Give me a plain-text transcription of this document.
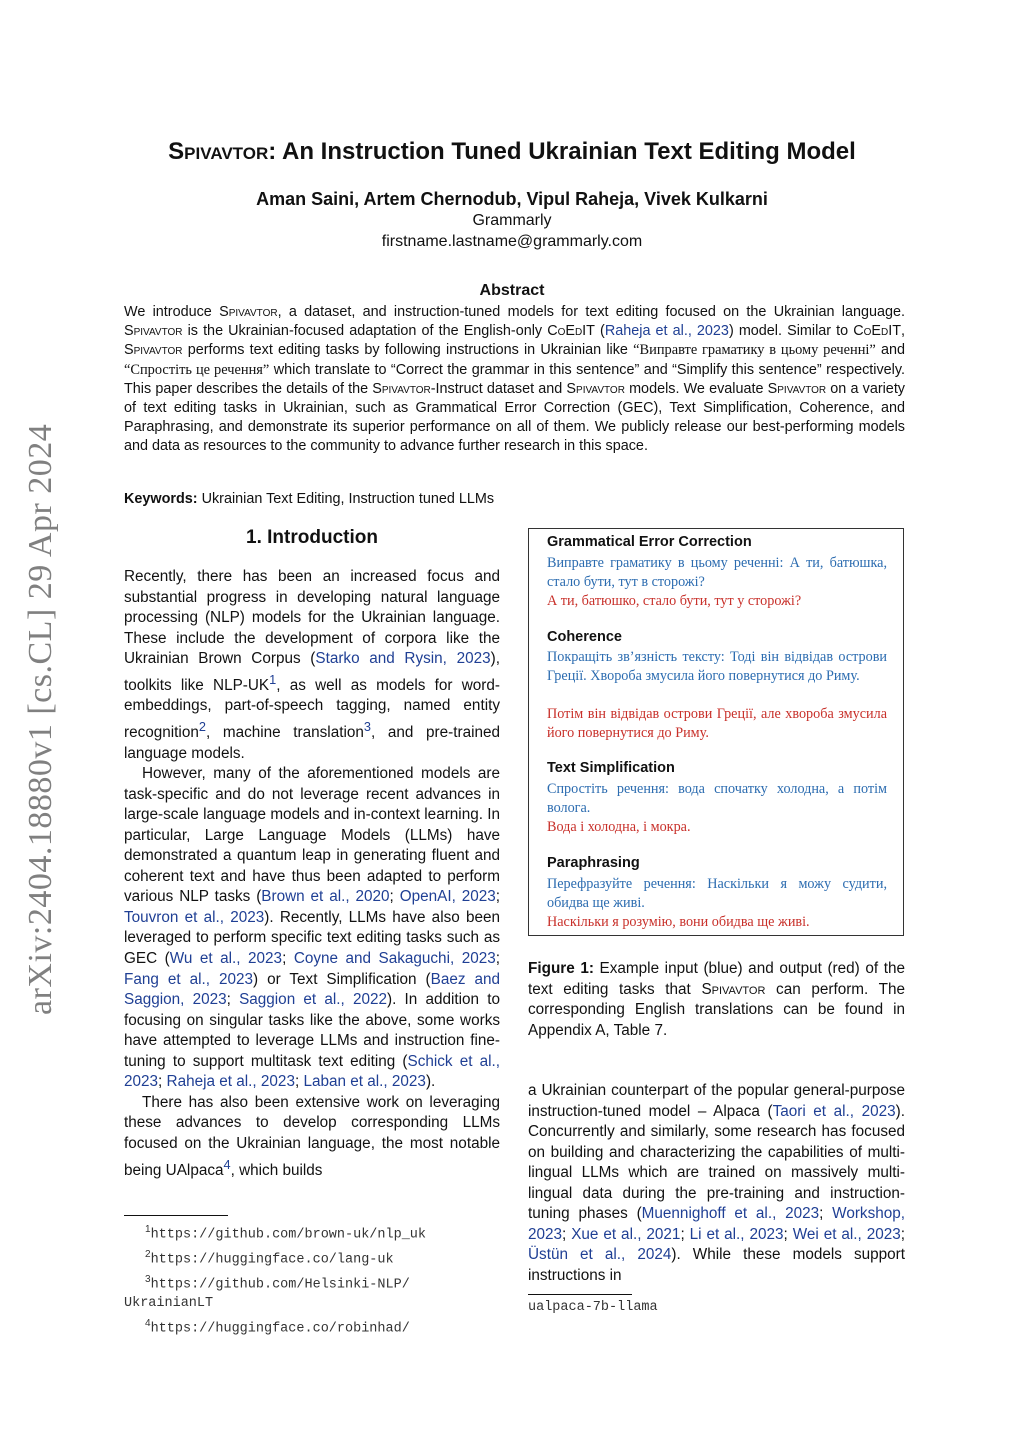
arXiv:2404.18880v1 [cs.CL] 29 Apr 2024
Spivavtor: An Instruction Tuned Ukrainian Text Editing Model
Aman Saini, Artem Chernodub, Vipul Raheja, Vivek Kulkarni
Grammarly
firstname.lastname@grammarly.com
Abstract

We introduce Spivavtor, a dataset, and instruction-tuned models for text editing focused on the Ukrainian language. Spivavtor is the Ukrainian-focused adaptation of the English-only CoEdIT (Raheja et al., 2023) model. Similar to CoEdIT, Spivavtor performs text editing tasks by following instructions in Ukrainian like “Виправте граматику в цьому реченні” and “Спростіть це речення” which translate to “Correct the grammar in this sentence” and “Simplify this sentence” respectively. This paper describes the details of the Spivavtor-Instruct dataset and Spivavtor models. We evaluate Spivavtor on a variety of text editing tasks in Ukrainian, such as Grammatical Error Correction (GEC), Text Simplification, Coherence, and Paraphrasing, and demonstrate its superior performance on all of them. We publicly release our best-performing models and data as resources to the community to advance further research in this space.

Keywords: Ukrainian Text Editing, Instruction tuned LLMs
1. Introduction

Recently, there has been an increased focus and substantial progress in developing natural language processing (NLP) models for the Ukrainian language. These include the development of corpora like the Ukrainian Brown Corpus (Starko and Rysin, 2023), toolkits like NLP-UK$^1$, as well as models for word-embeddings, part-of-speech tagging, named entity recognition$^2$, machine translation$^3$, and pre-trained language models.

However, many of the aforementioned models are task-specific and do not leverage recent advances in large-scale language models and in-context learning. In particular, Large Language Models (LLMs) have demonstrated a quantum leap in generating fluent and coherent text and have thus been adapted to perform various NLP tasks (Brown et al., 2020; OpenAI, 2023; Touvron et al., 2023). Recently, LLMs have also been leveraged to perform specific text editing tasks such as GEC (Wu et al., 2023; Coyne and Sakaguchi, 2023; Fang et al., 2023) or Text Simplification (Baez and Saggion, 2023; Saggion et al., 2022). In addition to focusing on singular tasks like the above, some works have attempted to leverage LLMs and instruction fine-tuning to support multitask text editing (Schick et al., 2023; Raheja et al., 2023; Laban et al., 2023).

There has also been extensive work on leveraging these advances to develop corresponding LLMs focused on the Ukrainian language, the most notable being UAlpaca$^4$, which builds

$^1$https://github.com/brown-uk/nlp_uk
$^2$https://huggingface.co/lang-uk
$^3$https://github.com/Helsinki-NLP/
UkrainianLT
$^4$https://huggingface.co/robinhad/
Grammatical Error Correction

Виправте граматику в цьому реченні: А ти, батюшка, стало бути, тут в сторожі?

А ти, батюшко, стало бути, тут у сторожі?

Coherence

Покращіть зв’язність тексту: Тоді він відвідав острови Греції. Хвороба змусила його повернутися до Риму.

Потім він відвідав острови Греції, але хвороба змусила його повернутися до Риму.

Text Simplification

Спростіть речення: вода спочатку холодна, а потім волога.

Вода і холодна, і мокра.

Paraphrasing

Перефразуйте речення: Наскільки я можу судити, обидва ще живі.

Наскільки я розумію, вони обидва ще живі.

Figure 1: Example input (blue) and output (red) of the text editing tasks that Spivavtor can perform. The corresponding English translations can be found in Appendix A, Table 7.

a Ukrainian counterpart of the popular general-purpose instruction-tuned model – Alpaca (Taori et al., 2023). Concurrently and similarly, some research has focused on building and characterizing the capabilities of multi-lingual LLMs which are trained on massively multi-lingual data during the pre-training and instruction-tuning phases (Muennighoff et al., 2023; Workshop, 2023; Xue et al., 2021; Li et al., 2023; Wei et al., 2023; Üstün et al., 2024). While these models support instructions in

ualpaca-7b-llama
